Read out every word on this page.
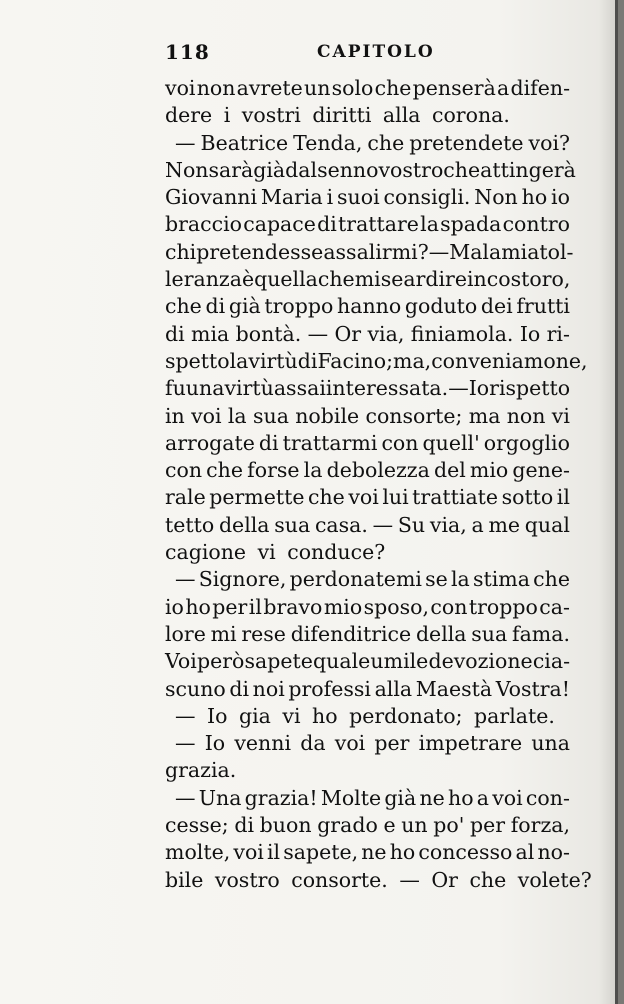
118	CAPITOLO
voi non avrete un solo che penserà a difen-
dere i vostri diritti alla corona.
— Beatrice Tenda, che pretendete voi?
Non sarà già dal senno vostro che attingerà
Giovanni Maria i suoi consigli. Non ho io
braccio capace di trattare la spada contro
chi pretendesse assalirmi? — Ma la mia tol-
leranza è quella che mise ardire in costoro,
che di già troppo hanno goduto dei frutti
di mia bontà. — Or via, finiamola. Io ri-
spetto la virtù di Facino; ma, conveniamone,
fu una virtù assai interessata. — Io rispetto
in voi la sua nobile consorte; ma non vi
arrogate di trattarmi con quell' orgoglio
con che forse la debolezza del mio gene-
rale permette che voi lui trattiate sotto il
tetto della sua casa. — Su via, a me qual
cagione vi conduce?
— Signore, perdonatemi se la stima che
io ho per il bravo mio sposo, con troppo ca-
lore mi rese difenditrice della sua fama.
Voi però sapete quale umile devozione cia-
scuno di noi professi alla Maestà Vostra!
— Io gia vi ho perdonato; parlate.
— Io venni da voi per impetrare una
grazia.
— Una grazia! Molte già ne ho a voi con-
cesse; di buon grado e un po' per forza,
molte, voi il sapete, ne ho concesso al no-
bile vostro consorte. — Or che volete?
